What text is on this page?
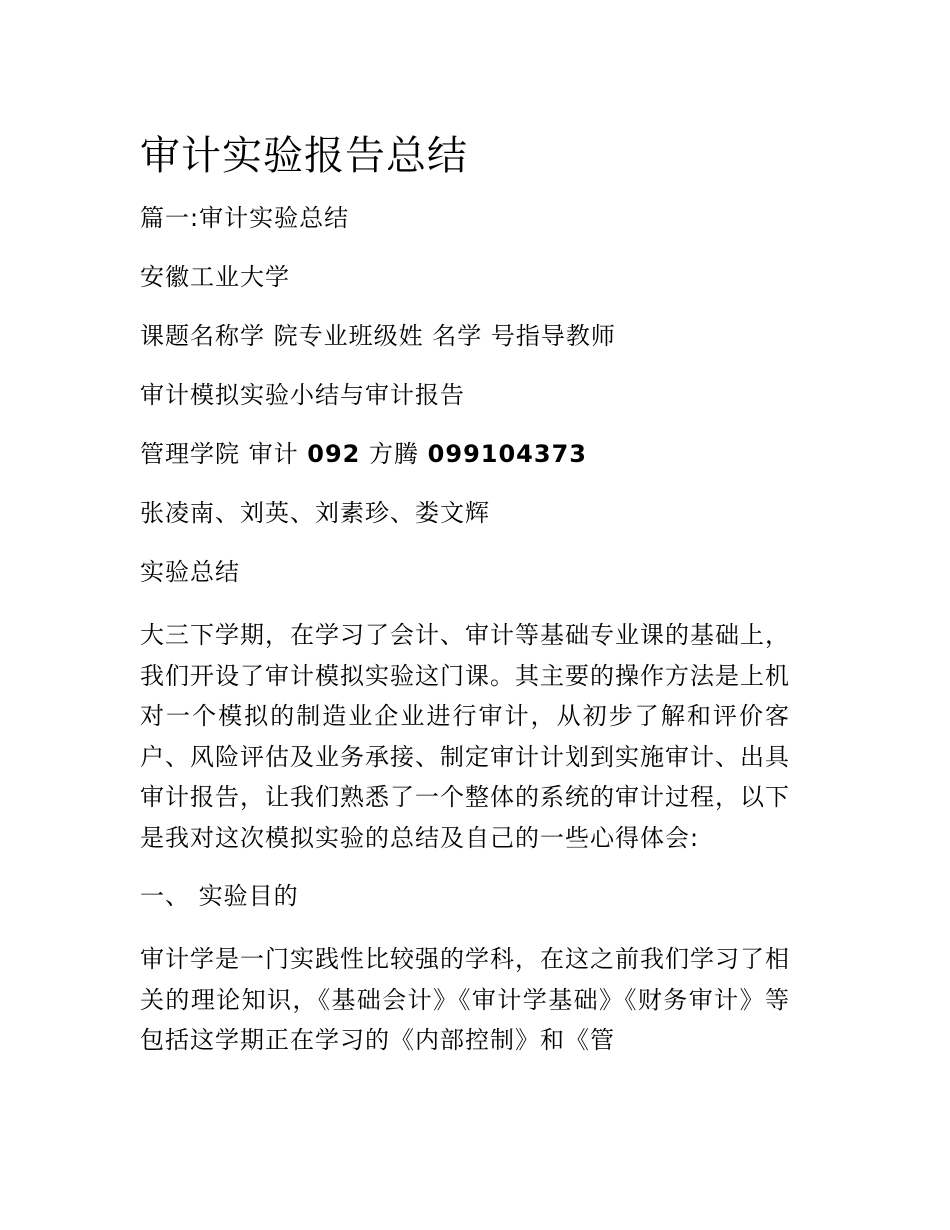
审计实验报告总结
篇一:审计实验总结
安徽工业大学
课题名称学 院专业班级姓 名学 号指导教师
审计模拟实验小结与审计报告
管理学院 审计 092 方腾 099104373
张凌南、刘英、刘素珍、娄文辉
实验总结

大三下学期，在学习了会计、审计等基础专业课的基础上，我们开设了审计模拟实验这门课。其主要的操作方法是上机对一个模拟的制造业企业进行审计，从初步了解和评价客户、风险评估及业务承接、制定审计计划到实施审计、出具审计报告，让我们熟悉了一个整体的系统的审计过程，以下是我对这次模拟实验的总结及自己的一些心得体会:

一、 实验目的

审计学是一门实践性比较强的学科，在这之前我们学习了相关的理论知识，《基础会计》《审计学基础》《财务审计》等包括这学期正在学习的《内部控制》和《管
